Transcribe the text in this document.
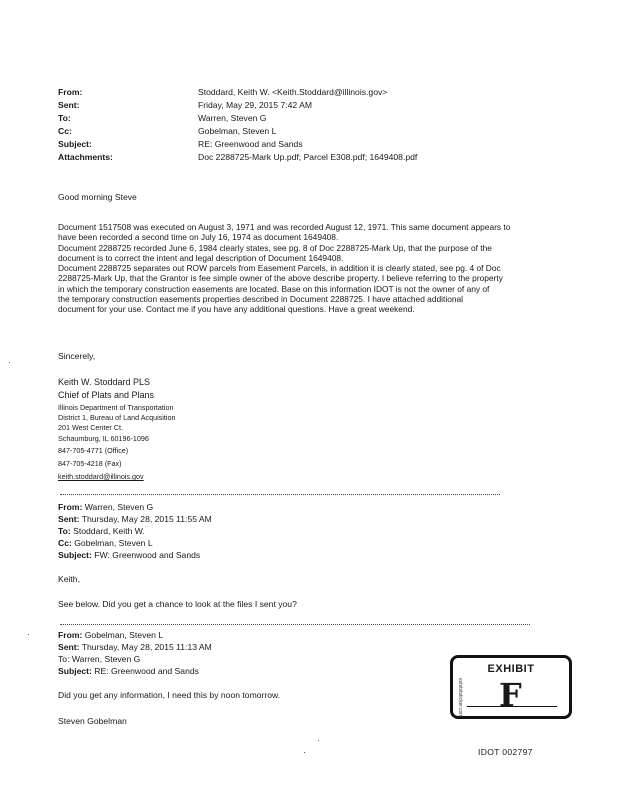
From:	Stoddard, Keith W. <Keith.Stoddard@illinois.gov>
Sent:	Friday, May 29, 2015 7:42 AM
To:	Warren, Steven G
Cc:	Gobelman, Steven L
Subject:	RE: Greenwood and Sands
Attachments:	Doc 2288725-Mark Up.pdf; Parcel E308.pdf; 1649408.pdf
Good morning Steve
Document 1517508 was executed on August 3, 1971 and was recorded August 12, 1971. This same document appears to
have been recorded a second time on July 16, 1974 as document 1649408.
Document 2288725 recorded June 6, 1984 clearly states, see pg. 8 of Doc 2288725-Mark Up, that the purpose of the
document is to correct the intent and legal description of Document 1649408.
Document 2288725 separates out ROW parcels from Easement Parcels, in addition it is clearly stated, see pg. 4 of Doc
2288725-Mark Up, that the Grantor is fee simple owner of the above describe property. I believe referring to the property
in which the temporary construction easements are located. Base on this information IDOT is not the owner of any of
the temporary construction easements properties described in Document 2288725. I have attached additional
document for your use. Contact me if you have any additional questions. Have a great weekend.
Sincerely,
Keith W. Stoddard PLS
Chief of Plats and Plans
Illinois Department of Transportation
District 1, Bureau of Land Acquisition
201 West Center Ct.
Schaumburg, IL 60196-1096
847-705-4771 (Office)
847-705-4218 (Fax)
keith.stoddard@illinois.gov
From: Warren, Steven G
Sent: Thursday, May 28, 2015 11:55 AM
To: Stoddard, Keith W.
Cc: Gobelman, Steven L
Subject: FW: Greenwood and Sands
Keith,
See below. Did you get a chance to look at the files I sent you?
From: Gobelman, Steven L
Sent: Thursday, May 28, 2015 11:13 AM
To: Warren, Steven G
Subject: RE: Greenwood and Sands
Did you get any information, I need this by noon tomorrow.
Steven Gobelman
EXHIBIT
exhibitsticker.com F
IDOT 002797
